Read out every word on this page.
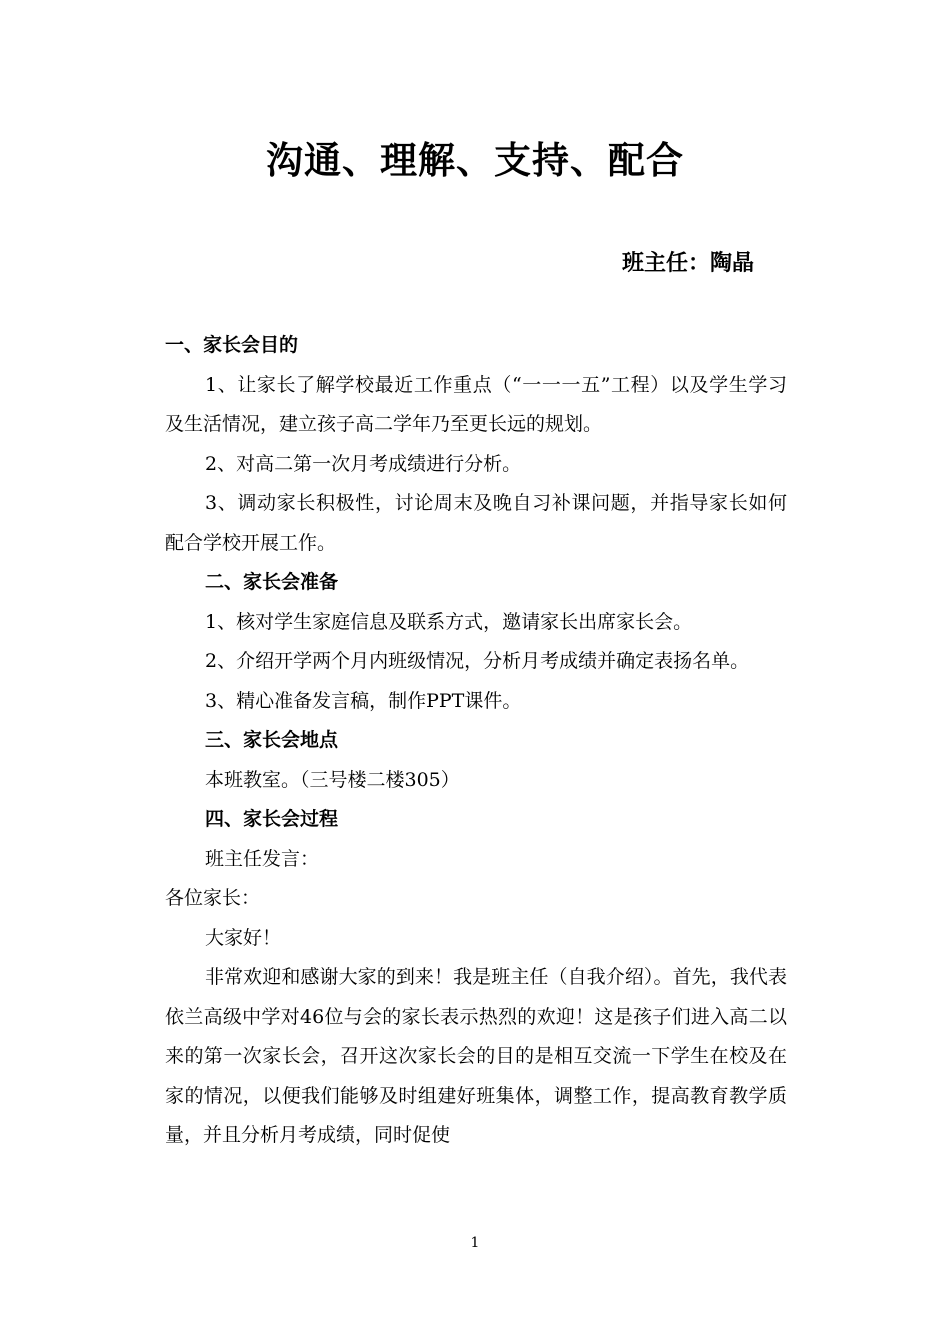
沟通、理解、支持、配合
班主任：陶晶

一、家长会目的

1、让家长了解学校最近工作重点（“一一一五”工程）以及学生学习及生活情况，建立孩子高二学年乃至更长远的规划。

2、对高二第一次月考成绩进行分析。

3、调动家长积极性，讨论周末及晚自习补课问题，并指导家长如何配合学校开展工作。

二、家长会准备

1、核对学生家庭信息及联系方式，邀请家长出席家长会。

2、介绍开学两个月内班级情况，分析月考成绩并确定表扬名单。

3、精心准备发言稿，制作PPT课件。

三、家长会地点

本班教室。（三号楼二楼305）

四、家长会过程

班主任发言：

各位家长：

大家好！

非常欢迎和感谢大家的到来！我是班主任（自我介绍）。首先，我代表依兰高级中学对46位与会的家长表示热烈的欢迎！这是孩子们进入高二以来的第一次家长会，召开这次家长会的目的是相互交流一下学生在校及在家的情况，以便我们能够及时组建好班集体，调整工作，提高教育教学质量，并且分析月考成绩，同时促使

1
